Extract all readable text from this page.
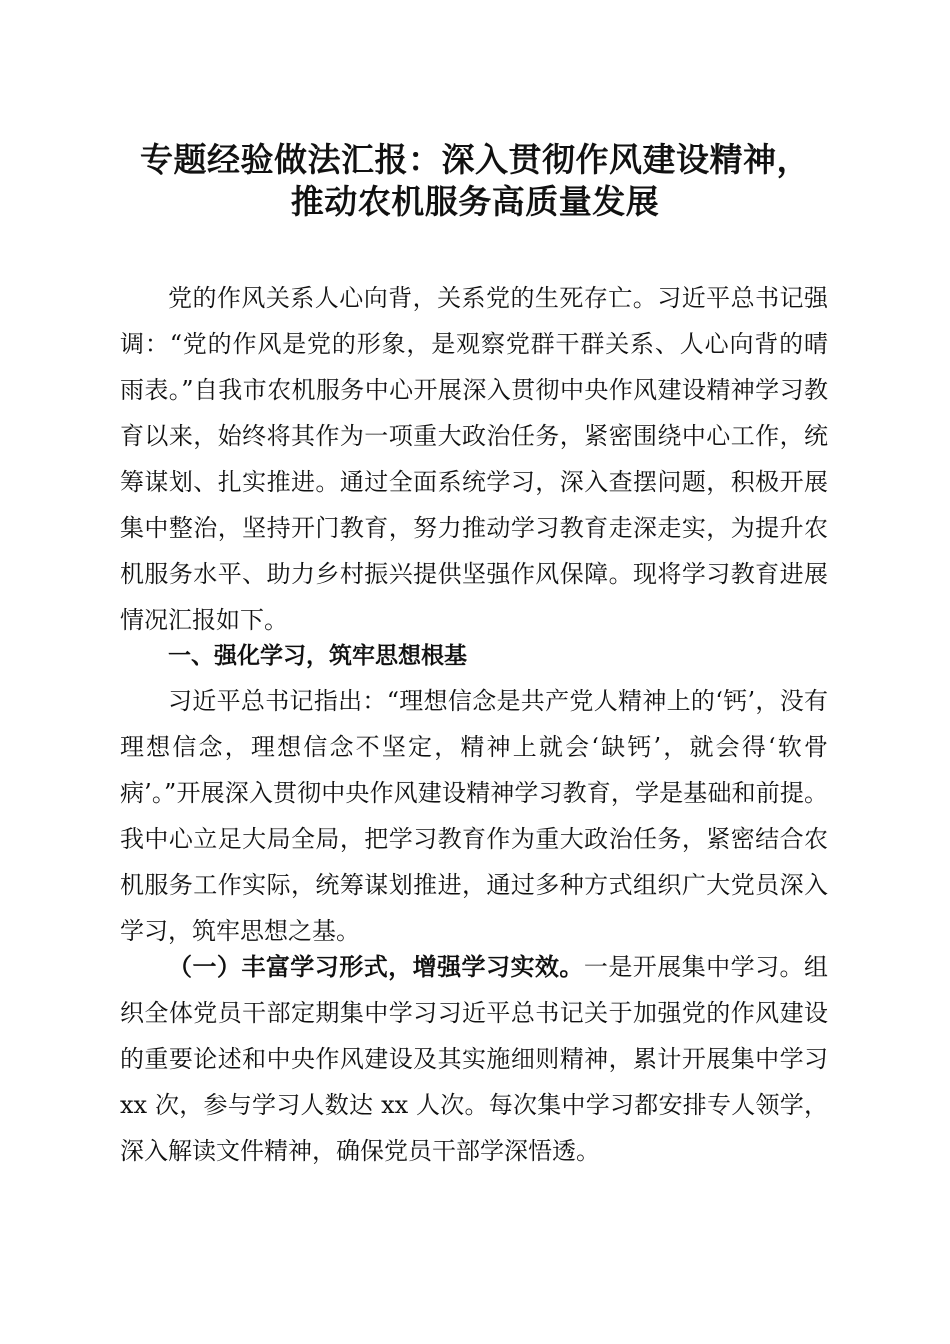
专题经验做法汇报：深入贯彻作风建设精神，
推动农机服务高质量发展

党的作风关系人心向背，关系党的生死存亡。习近平总书记强调：“党的作风是党的形象，是观察党群干群关系、人心向背的晴雨表。”自我市农机服务中心开展深入贯彻中央作风建设精神学习教育以来，始终将其作为一项重大政治任务，紧密围绕中心工作，统筹谋划、扎实推进。通过全面系统学习，深入查摆问题，积极开展集中整治，坚持开门教育，努力推动学习教育走深走实，为提升农机服务水平、助力乡村振兴提供坚强作风保障。现将学习教育进展情况汇报如下。

一、强化学习，筑牢思想根基

习近平总书记指出：“理想信念是共产党人精神上的‘钙’，没有理想信念，理想信念不坚定，精神上就会‘缺钙’，就会得‘软骨病’。”开展深入贯彻中央作风建设精神学习教育，学是基础和前提。我中心立足大局全局，把学习教育作为重大政治任务，紧密结合农机服务工作实际，统筹谋划推进，通过多种方式组织广大党员深入学习，筑牢思想之基。

（一）丰富学习形式，增强学习实效。一是开展集中学习。组织全体党员干部定期集中学习习近平总书记关于加强党的作风建设的重要论述和中央作风建设及其实施细则精神，累计开展集中学习 xx 次，参与学习人数达 xx 人次。每次集中学习都安排专人领学，深入解读文件精神，确保党员干部学深悟透。
